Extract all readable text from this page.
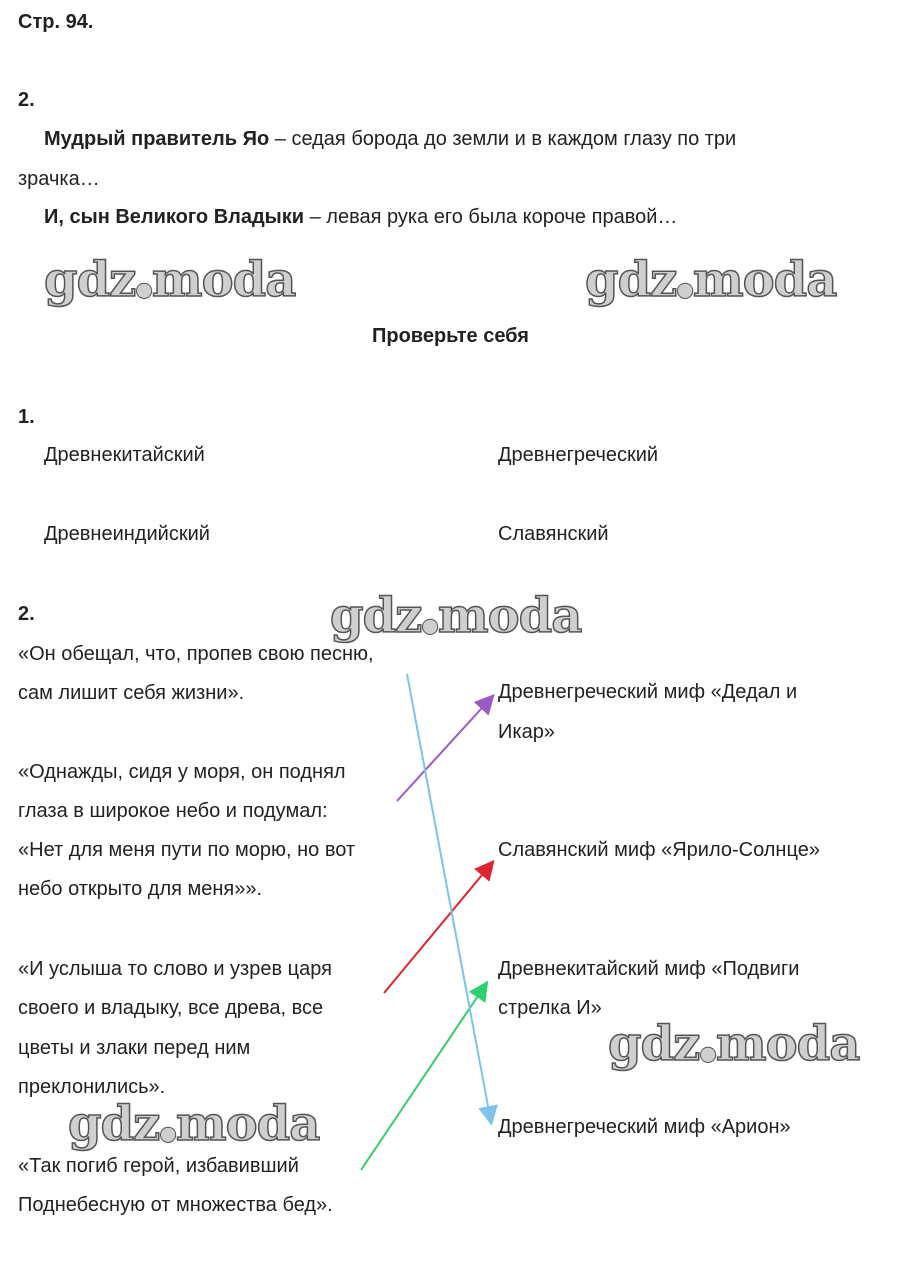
Стр. 94.
2.
Мудрый правитель Яо – седая борода до земли и в каждом глазу по три
зрачка…
И, сын Великого Владыки – левая рука его была короче правой…
gdz●moda	gdz●moda
Проверьте себя
1.
Древнекитайский	Древнегреческий
Древнеиндийский	Славянский
2.	gdz●moda
«Он обещал, что, пропев свою песню,
сам лишит себя жизни».
«Однажды, сидя у моря, он поднял
глаза в широкое небо и подумал:
«Нет для меня пути по морю, но вот
небо открыто для меня»».
«И услыша то слово и узрев царя
своего и владыку, все древа, все
цветы и злаки перед ним
преклонились».
«Так погиб герой, избавивший
Поднебесную от множества бед».
Древнегреческий миф «Дедал и
Икар»
Славянский миф «Ярило-Солнце»
Древнекитайский миф «Подвиги
стрелка И»
Древнегреческий миф «Арион»
gdz●moda
gdz●moda
